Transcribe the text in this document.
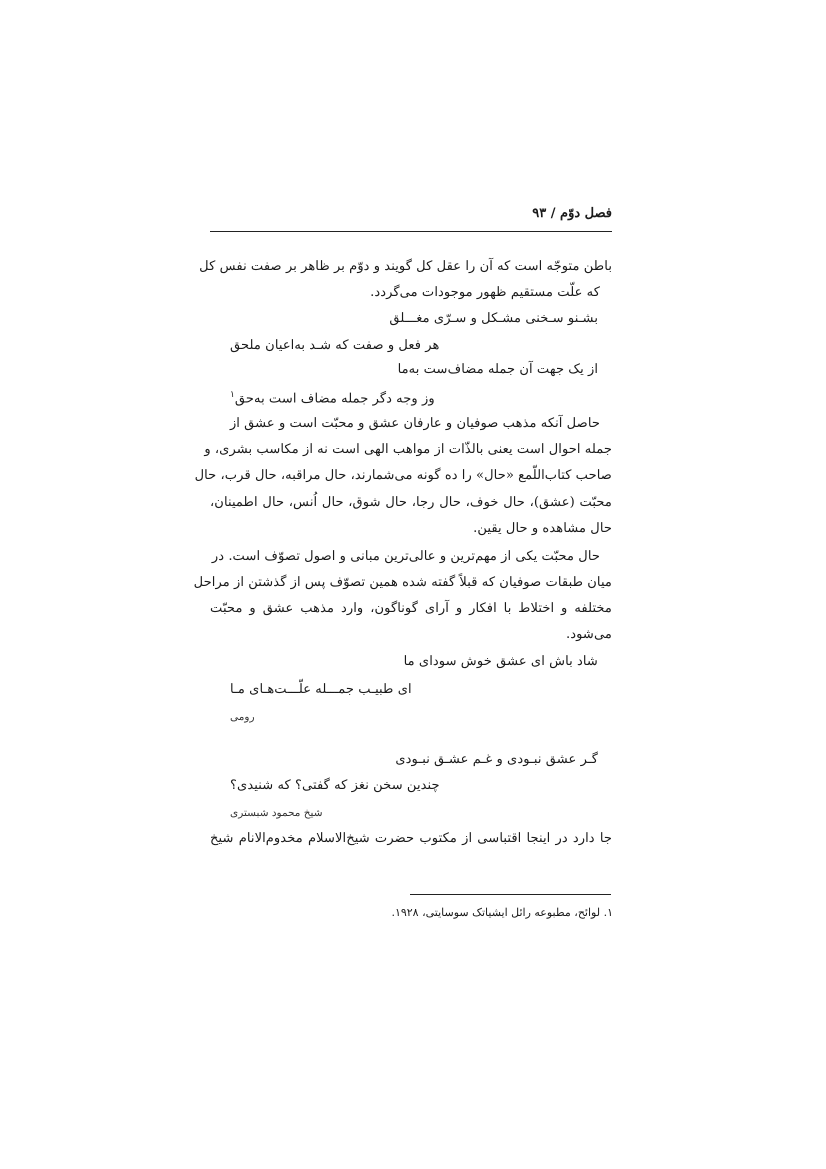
فصل دوّم / ۹۳
باطن متوجّه است که آن را عقل کل گویند و دوّم بر ظاهر بر صفت نفس کل
که علّت مستقیم ظهور موجودات می‌گردد.
بشـنو سـخنی مشـکل و سـرّی مغـــلق
هر فعل و صفت که شـد به‌اعیان ملحق
از یک جهت آن جمله مضاف‌ست به‌ما
وز وجه دگر جمله مضاف است به‌حق$^۱$
حاصل آنکه مذهب صوفیان و عارفان عشق و محبّت است و عشق از
جمله احوال است یعنی بالذّات از مواهب الهی است نه از مکاسب بشری، و
صاحب کتاب‌اللّمع «حال» را ده گونه می‌شمارند، حال مراقبه، حال قرب، حال
محبّت (عشق)، حال خوف، حال رجا، حال شوق، حال اُنس، حال اطمینان،
حال مشاهده و حال یقین.
حال محبّت یکی از مهم‌ترین و عالی‌ترین مبانی و اصول تصوّف است. در
میان طبقات صوفیان که قبلاً گفته شده همین تصوّف پس از گذشتن از مراحل
مختلفه و اختلاط با افکار و آرای گوناگون، وارد مذهب عشق و محبّت
می‌شود.
شاد باش ای عشق خوش سودای ما
ای طبیـب جمـــله علّـــت‌هـای مـا
رومی
گـر عشق نبـودی و غـم عشـق نبـودی
چندین سخن نغز که گفتی؟ که شنیدی؟
شیخ محمود شبستری
جا دارد در اینجا اقتباسی از مکتوب حضرت شیخ‌الاسلام مخدوم‌الانام شیخ
۱. لوائح، مطبوعه رائل ایشیاتک سوسایتی، ۱۹۲۸.
